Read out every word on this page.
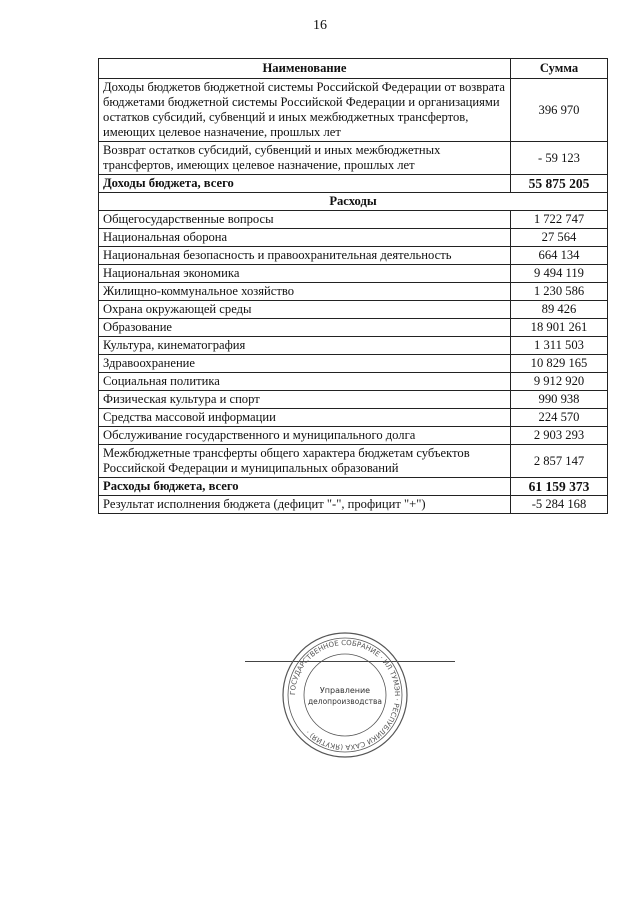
16
Наименование	Сумма
Доходы бюджетов бюджетной системы Российской Федерации от возврата бюджетами бюджетной системы Российской Федерации и организациями остатков субсидий, субвенций и иных межбюджетных трансфертов, имеющих целевое назначение, прошлых лет	396 970
Возврат остатков субсидий, субвенций и иных межбюджетных трансфертов, имеющих целевое назначение, прошлых лет	- 59 123
Доходы бюджета, всего	55 875 205
Расходы	
Общегосударственные вопросы	1 722 747
Национальная оборона	27 564
Национальная безопасность и правоохранительная деятельность	664 134
Национальная экономика	9 494 119
Жилищно-коммунальное хозяйство	1 230 586
Охрана окружающей среды	89 426
Образование	18 901 261
Культура, кинематография	1 311 503
Здравоохранение	10 829 165
Социальная политика	9 912 920
Физическая культура и спорт	990 938
Средства массовой информации	224 570
Обслуживание государственного и муниципального долга	2 903 293
Межбюджетные трансферты общего характера бюджетам субъектов Российской Федерации и муниципальных образований	2 857 147
Расходы бюджета, всего	61 159 373
Результат исполнения бюджета (дефицит "-", профицит "+")	-5 284 168
ГОСУДАРСТВЕННОЕ СОБРАНИЕ · ИЛ ТУМЭН · РЕСПУБЛИКИ САХА (ЯКУТИЯ) ·
Управление
делопроизводства
